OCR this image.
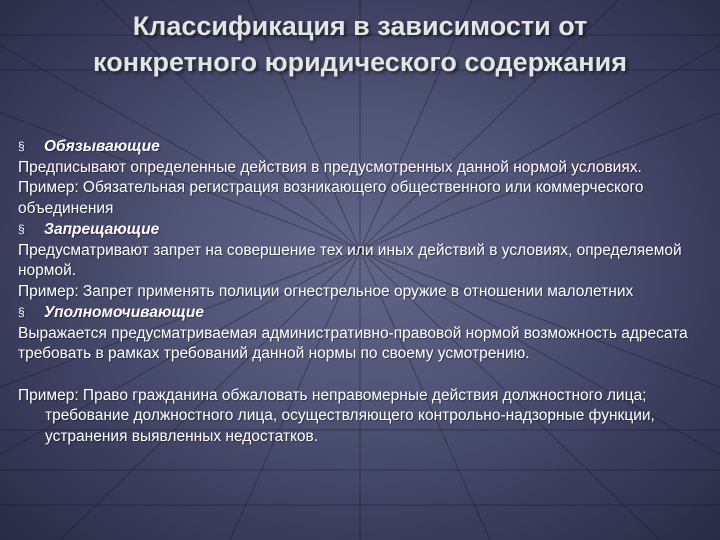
Классификация в зависимости от конкретного юридического содержания
§ Обязывающие
Предписывают определенные действия в предусмотренных данной нормой условиях.
Пример: Обязательная регистрация возникающего общественного или коммерческого объединения
§ Запрещающие
Предусматривают запрет на совершение тех или иных действий в условиях, определяемой нормой.
Пример: Запрет применять полиции огнестрельное оружие в отношении малолетних
§ Уполномочивающие
Выражается предусматриваемая административно-правовой нормой возможность адресата требовать в рамках требований данной нормы по своему усмотрению.
Пример: Право гражданина обжаловать неправомерные действия должностного лица; требование должностного лица, осуществляющего контрольно-надзорные функции, устранения выявленных недостатков.
